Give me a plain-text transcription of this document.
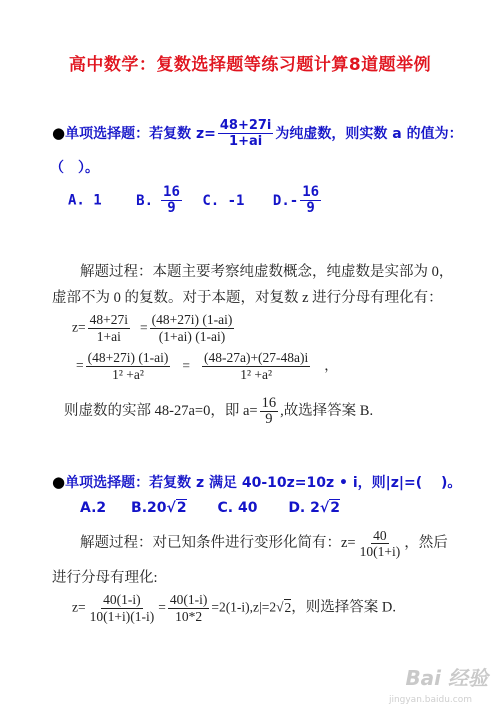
高中数学：复数选择题等练习题计算8道题举例
●单项选择题：若复数 $z= \frac{48+27i}{1+ai}$ 为纯虚数，则实数 a 的值为：
（　）。
A. 1 B. $\frac{16}{9} C$. -1 $D.- \frac{16}{9}$
解题过程：本题主要考察纯虚数概念，纯虚数是实部为 0，
虚部不为 0 的复数。对于本题，对复数 z 进行分母有理化有：
$z= \frac{48+27i}{1+ai} = \frac{(48+27i) (1-ai)}{(1+ai) (1-ai)}$
= $\frac{(48+27i) (1-ai)}{\text{1² +a²}} = \frac{(48-27a)+(27-48a)i}{\text{1² +a²}}$ ，
则虚数的实部 48-27a=0，即 $a= \frac{16}{9}$ ,故选择答案 B.
●单项选择题：若复数 z 满足 40-10z=10z • i，则|z|=(　 )。
A.2 B.20√2 C. 40 D. 2√2
解题过程：对已知条件进行变形化简有：$z= \frac{40}{10(1+i)}$ ，然后
进行分母有理化:
$z= \frac{40(1-i)}{10(1+i)(1-i)} = \frac{40(1-i)}{10*2} =2(1-i),z|=2√2$，则选择答案 D.
Bai 经验
jingyan.baidu.com
